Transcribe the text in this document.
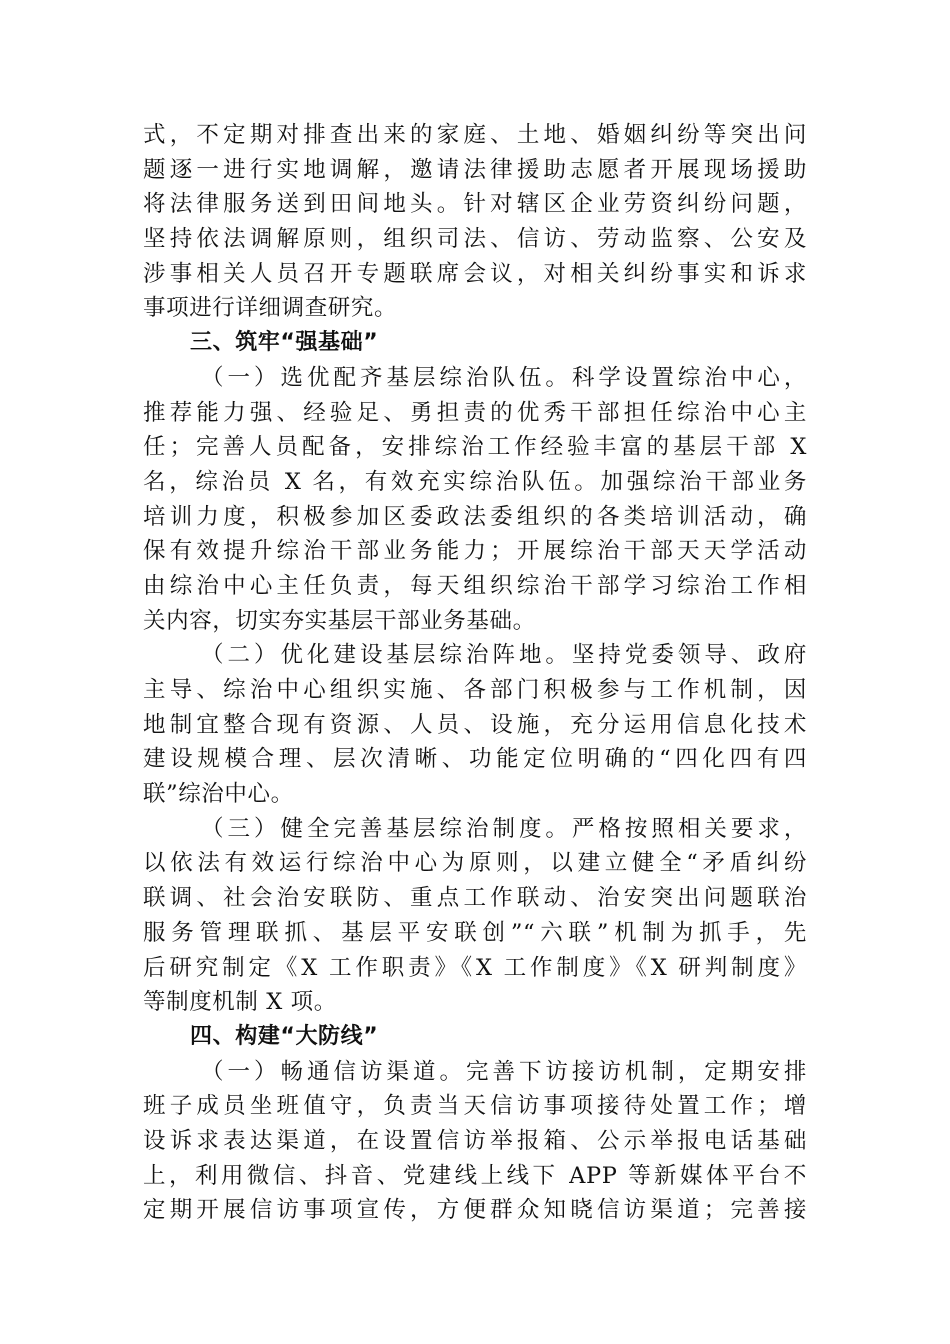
式，不定期对排查出来的家庭、土地、婚姻纠纷等突出问
题逐一进行实地调解，邀请法律援助志愿者开展现场援助
将法律服务送到田间地头。针对辖区企业劳资纠纷问题，
坚持依法调解原则，组织司法、信访、劳动监察、公安及
涉事相关人员召开专题联席会议，对相关纠纷事实和诉求
事项进行详细调查研究。
三、筑牢“强基础”
（一）选优配齐基层综治队伍。科学设置综治中心，
推荐能力强、经验足、勇担责的优秀干部担任综治中心主
任；完善人员配备，安排综治工作经验丰富的基层干部 X
名，综治员 X 名，有效充实综治队伍。加强综治干部业务
培训力度，积极参加区委政法委组织的各类培训活动，确
保有效提升综治干部业务能力；开展综治干部天天学活动
由综治中心主任负责，每天组织综治干部学习综治工作相
关内容，切实夯实基层干部业务基础。
（二）优化建设基层综治阵地。坚持党委领导、政府
主导、综治中心组织实施、各部门积极参与工作机制，因
地制宜整合现有资源、人员、设施，充分运用信息化技术
建设规模合理、层次清晰、功能定位明确的“四化四有四
联”综治中心。
（三）健全完善基层综治制度。严格按照相关要求，
以依法有效运行综治中心为原则，以建立健全“矛盾纠纷
联调、社会治安联防、重点工作联动、治安突出问题联治
服务管理联抓、基层平安联创”“六联”机制为抓手，先
后研究制定《X 工作职责》《X 工作制度》《X 研判制度》
等制度机制 X 项。
四、构建“大防线”
（一）畅通信访渠道。完善下访接访机制，定期安排
班子成员坐班值守，负责当天信访事项接待处置工作；增
设诉求表达渠道，在设置信访举报箱、公示举报电话基础
上，利用微信、抖音、党建线上线下 APP 等新媒体平台不
定期开展信访事项宣传，方便群众知晓信访渠道；完善接
